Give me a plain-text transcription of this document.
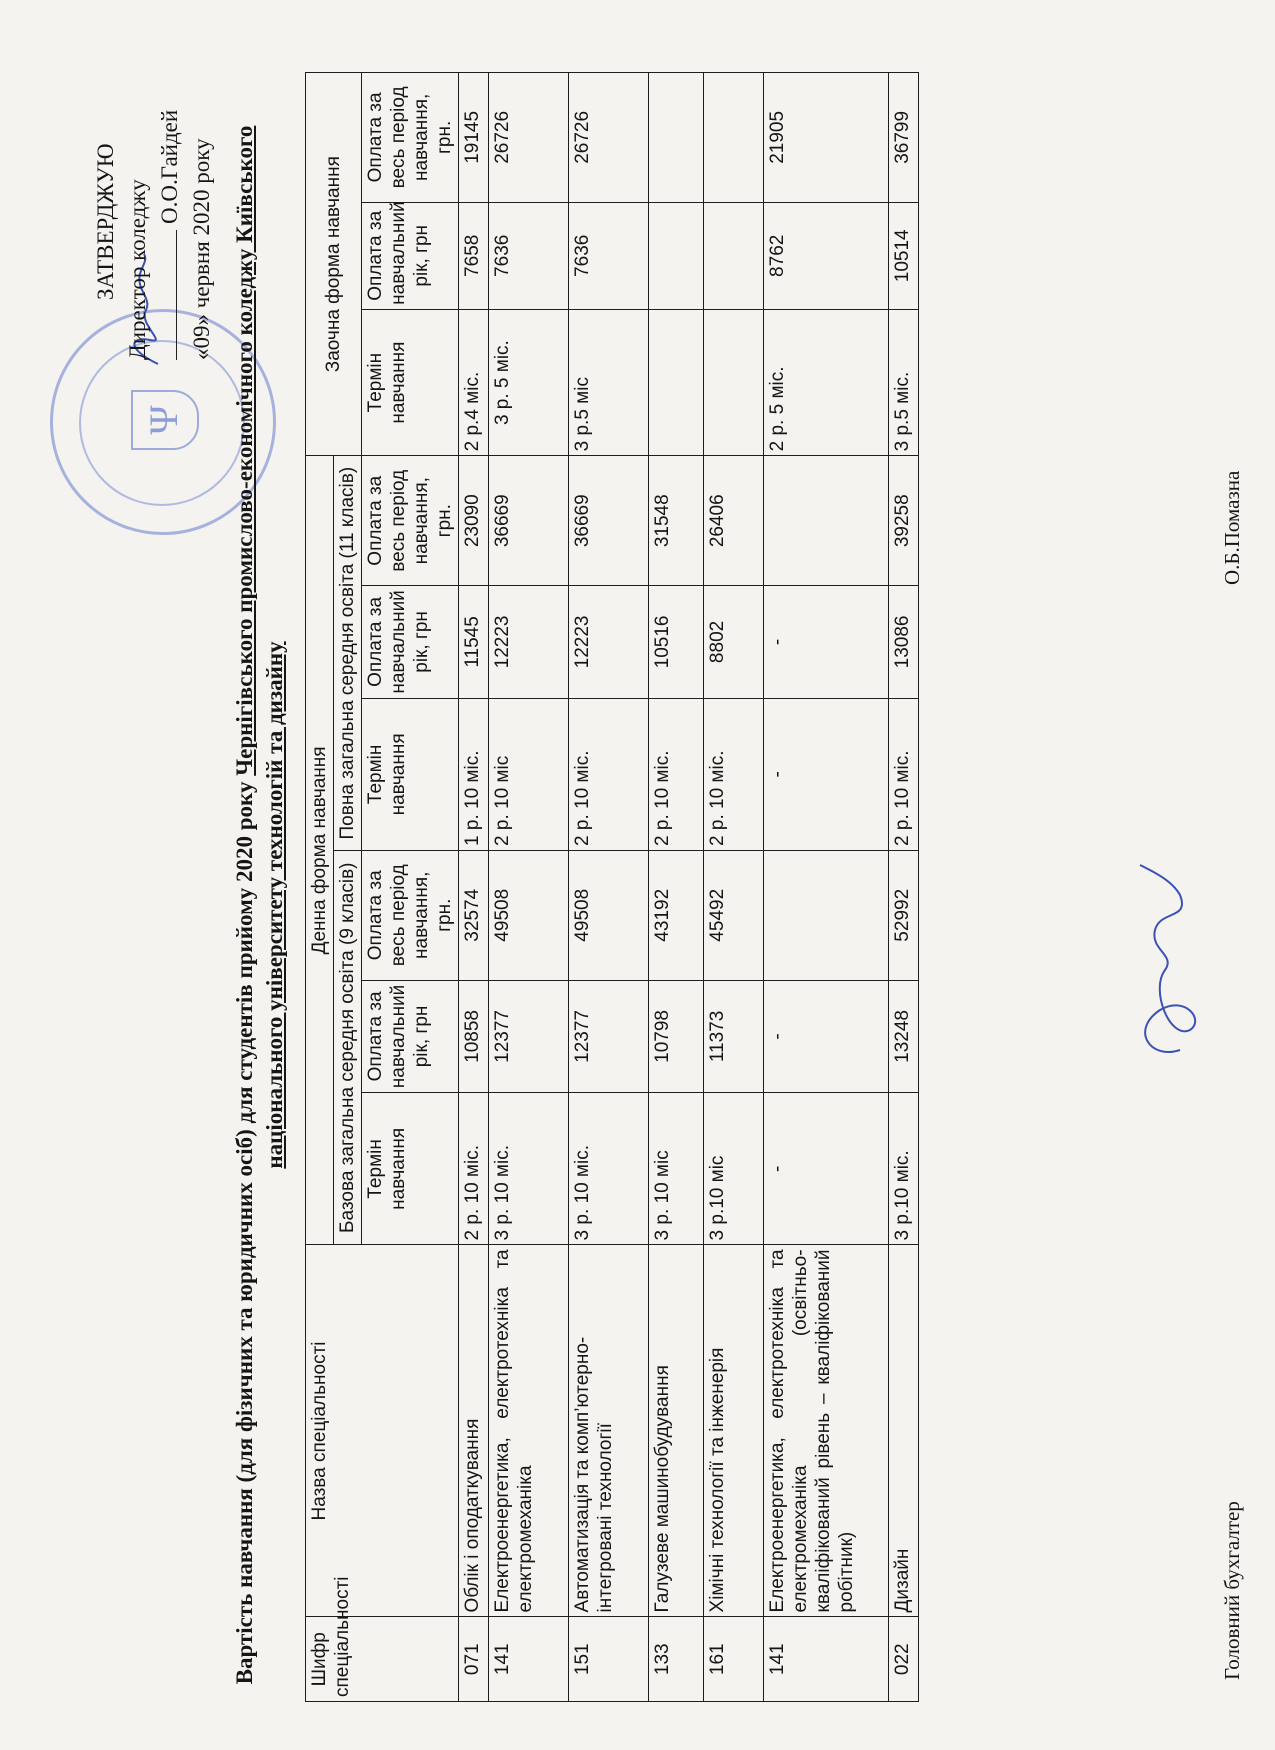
Ψ
ЗАТВЕРДЖУЮ Директор коледжу
О.О.Гайдей «09» червня 2020 року
Вартість навчання (для фізичних та юридичних осіб) для студентів прийому 2020 року Чернігівського промислово-економічного коледжу Київського національного університету технологій та дизайну
Шифр спеціальності	Назва спеціальності	Денна форма навчання						Заочна форма навчання		
		Базова загальна середня освіта (9 класів)			Повна загальна середня освіта (11 класів)					
		Термін навчання	Оплата за навчальний рік, грн	Оплата за весь період навчання, грн.	Термін навчання	Оплата за навчальний рік, грн	Оплата за весь період навчання, грн.	Термін навчання	Оплата за навчальний рік, грн	Оплата за весь період навчання, грн.
071	Облік і оподаткування	2 р. 10 міс.	10858	32574	1 р. 10 міс.	11545	23090	2 р.4 міс.	7658	19145
141	Електроенергетика, електротехніка та електромеханіка	3 р. 10 міс.	12377	49508	2 р. 10 міс	12223	36669	3 р. 5 міс.	7636	26726
151	Автоматизація та комп’ютерно-інтегровані технології	3 р. 10 міс.	12377	49508	2 р. 10 міс.	12223	36669	3 р.5 міс	7636	26726
133	Галузеве машинобудування	3 р. 10 міс	10798	43192	2 р. 10 міс.	10516	31548			
161	Хімічні технології та інженерія	3 р.10 міс	11373	45492	2 р. 10 міс.	8802	26406			
141	Електроенергетика, електротехніка та електромеханіка (освітньо-кваліфікований рівень – кваліфікований робітник)	-	-		-	-		2 р. 5 міс.	8762	21905
022	Дизайн	3 р.10 міс.	13248	52992	2 р. 10 міс.	13086	39258	3 р.5 міс.	10514	36799
Головний бухгалтер
О.Б.Помазна
